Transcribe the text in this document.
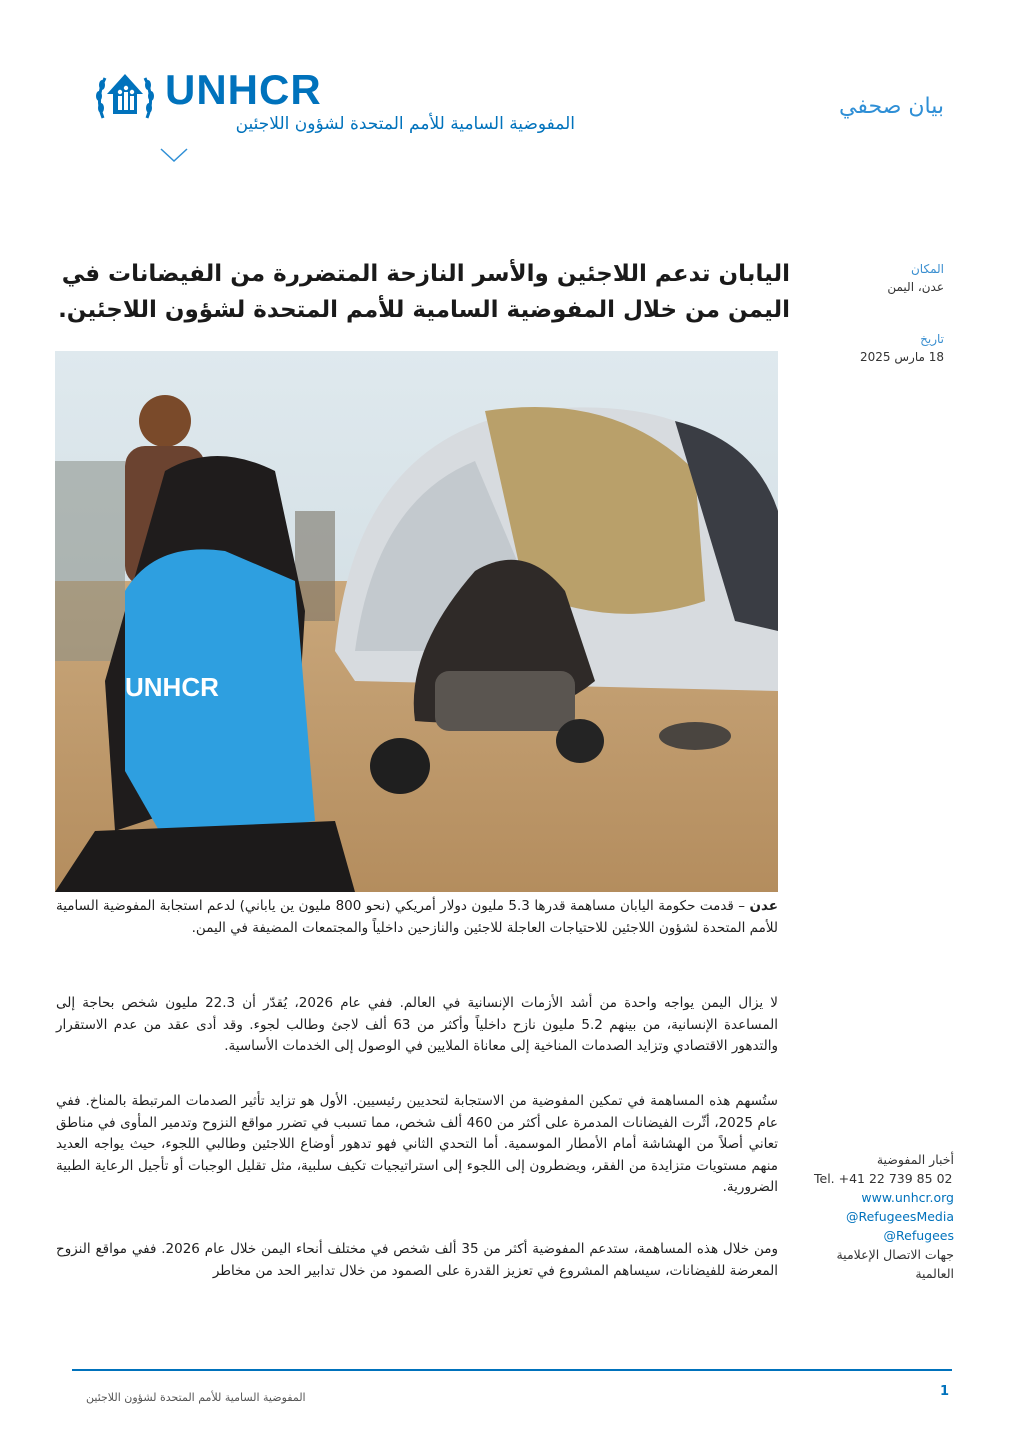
UNHCR
المفوضية السامية للأمم المتحدة لشؤون اللاجئين
بيان صحفي
المكان
عدن، اليمن
تاريخ
18 مارس 2025
اليابان تدعم اللاجئين والأسر النازحة المتضررة من الفيضانات في اليمن من خلال المفوضية السامية للأمم المتحدة لشؤون اللاجئين.
UNHCR

عدن – قدمت حكومة اليابان مساهمة قدرها 5.3 مليون دولار أمريكي (نحو 800 مليون ين ياباني) لدعم استجابة المفوضية السامية للأمم المتحدة لشؤون اللاجئين للاحتياجات العاجلة للاجئين والنازحين داخلياً والمجتمعات المضيفة في اليمن.

لا يزال اليمن يواجه واحدة من أشد الأزمات الإنسانية في العالم. ففي عام 2026، يُقدّر أن 22.3 مليون شخص بحاجة إلى المساعدة الإنسانية، من بينهم 5.2 مليون نازح داخلياً وأكثر من 63 ألف لاجئ وطالب لجوء. وقد أدى عقد من عدم الاستقرار والتدهور الاقتصادي وتزايد الصدمات المناخية إلى معاناة الملايين في الوصول إلى الخدمات الأساسية.

ستُسهم هذه المساهمة في تمكين المفوضية من الاستجابة لتحديين رئيسيين. الأول هو تزايد تأثير الصدمات المرتبطة بالمناخ. ففي عام 2025، أثّرت الفيضانات المدمرة على أكثر من 460 ألف شخص، مما تسبب في تضرر مواقع النزوح وتدمير المأوى في مناطق تعاني أصلاً من الهشاشة أمام الأمطار الموسمية. أما التحدي الثاني فهو تدهور أوضاع اللاجئين وطالبي اللجوء، حيث يواجه العديد منهم مستويات متزايدة من الفقر، ويضطرون إلى اللجوء إلى استراتيجيات تكيف سلبية، مثل تقليل الوجبات أو تأجيل الرعاية الطبية الضرورية.

ومن خلال هذه المساهمة، ستدعم المفوضية أكثر من 35 ألف شخص في مختلف أنحاء اليمن خلال عام 2026. ففي مواقع النزوح المعرضة للفيضانات، سيساهم المشروع في تعزيز القدرة على الصمود من خلال تدابير الحد من مخاطر

أخبار المفوضية
Tel. +41 22 739 85 02
www.unhcr.org
@RefugeesMedia
@Refugees
جهات الاتصال الإعلامية
العالمية
المفوضية السامية للأمم المتحدة لشؤون اللاجئين	1
